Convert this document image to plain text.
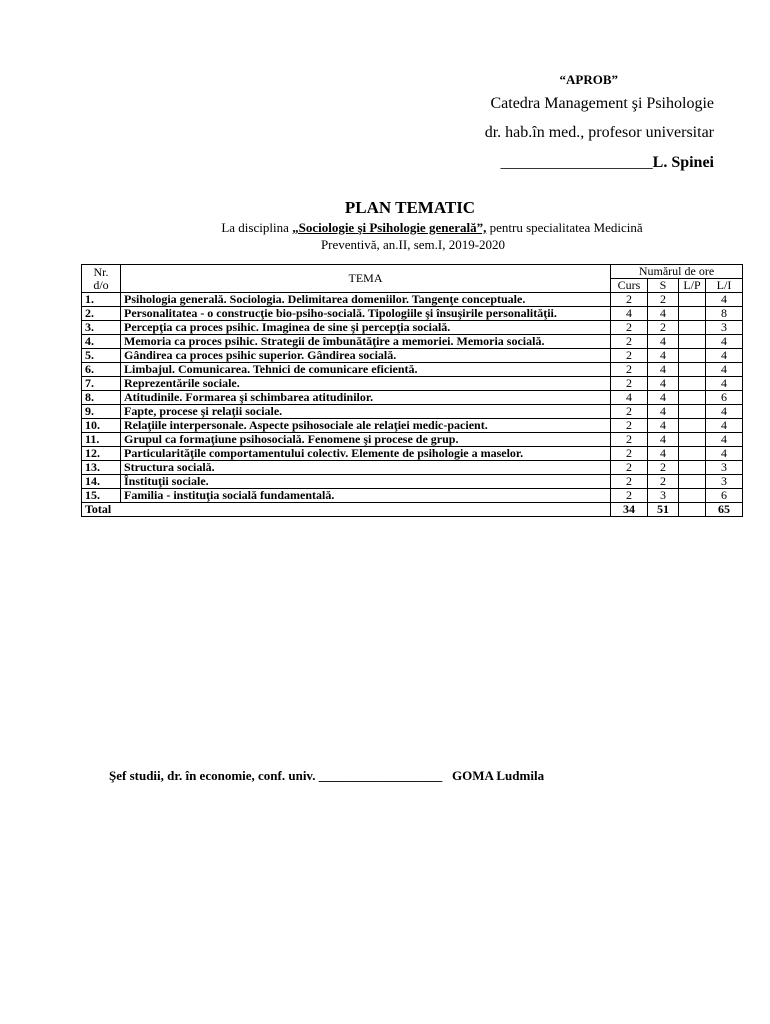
“APROB”
Catedra Management şi Psihologie
dr. hab.în med., profesor universitar
___________________L. Spinei
PLAN TEMATIC
La disciplina „Sociologie şi Psihologie generală”, pentru specialitatea Medicină
Preventivă, an.II, sem.I, 2019-2020
Nr. d/o	TEMA	Numărul de ore			
		Curs	S	L/P	L/I
1.	Psihologia generală. Sociologia. Delimitarea domeniilor. Tangenţe conceptuale.	2	2		4
2.	Personalitatea - o construcţie bio-psiho-socială. Tipologiile şi însuşirile personalităţii.	4	4		8
3.	Percepţia ca proces psihic. Imaginea de sine şi percepţia socială.	2	2		3
4.	Memoria ca proces psihic. Strategii de îmbunătăţire a memoriei. Memoria socială.	2	4		4
5.	Gândirea ca proces psihic superior. Gândirea socială.	2	4		4
6.	Limbajul. Comunicarea. Tehnici de comunicare eficientă.	2	4		4
7.	Reprezentările sociale.	2	4		4
8.	Atitudinile. Formarea şi schimbarea atitudinilor.	4	4		6
9.	Fapte, procese şi relaţii sociale.	2	4		4
10.	Relaţiile interpersonale. Aspecte psihosociale ale relaţiei medic-pacient.	2	4		4
11.	Grupul ca formaţiune psihosocială. Fenomene şi procese de grup.	2	4		4
12.	Particularităţile comportamentului colectiv. Elemente de psihologie a maselor.	2	4		4
13.	Structura socială.	2	2		3
14.	Înstituţii sociale.	2	2		3
15.	Familia - instituţia socială fundamentală.	2	3		6
Total		34	51		65
Şef studii, dr. în economie, conf. univ. ___________________ GOMA Ludmila
